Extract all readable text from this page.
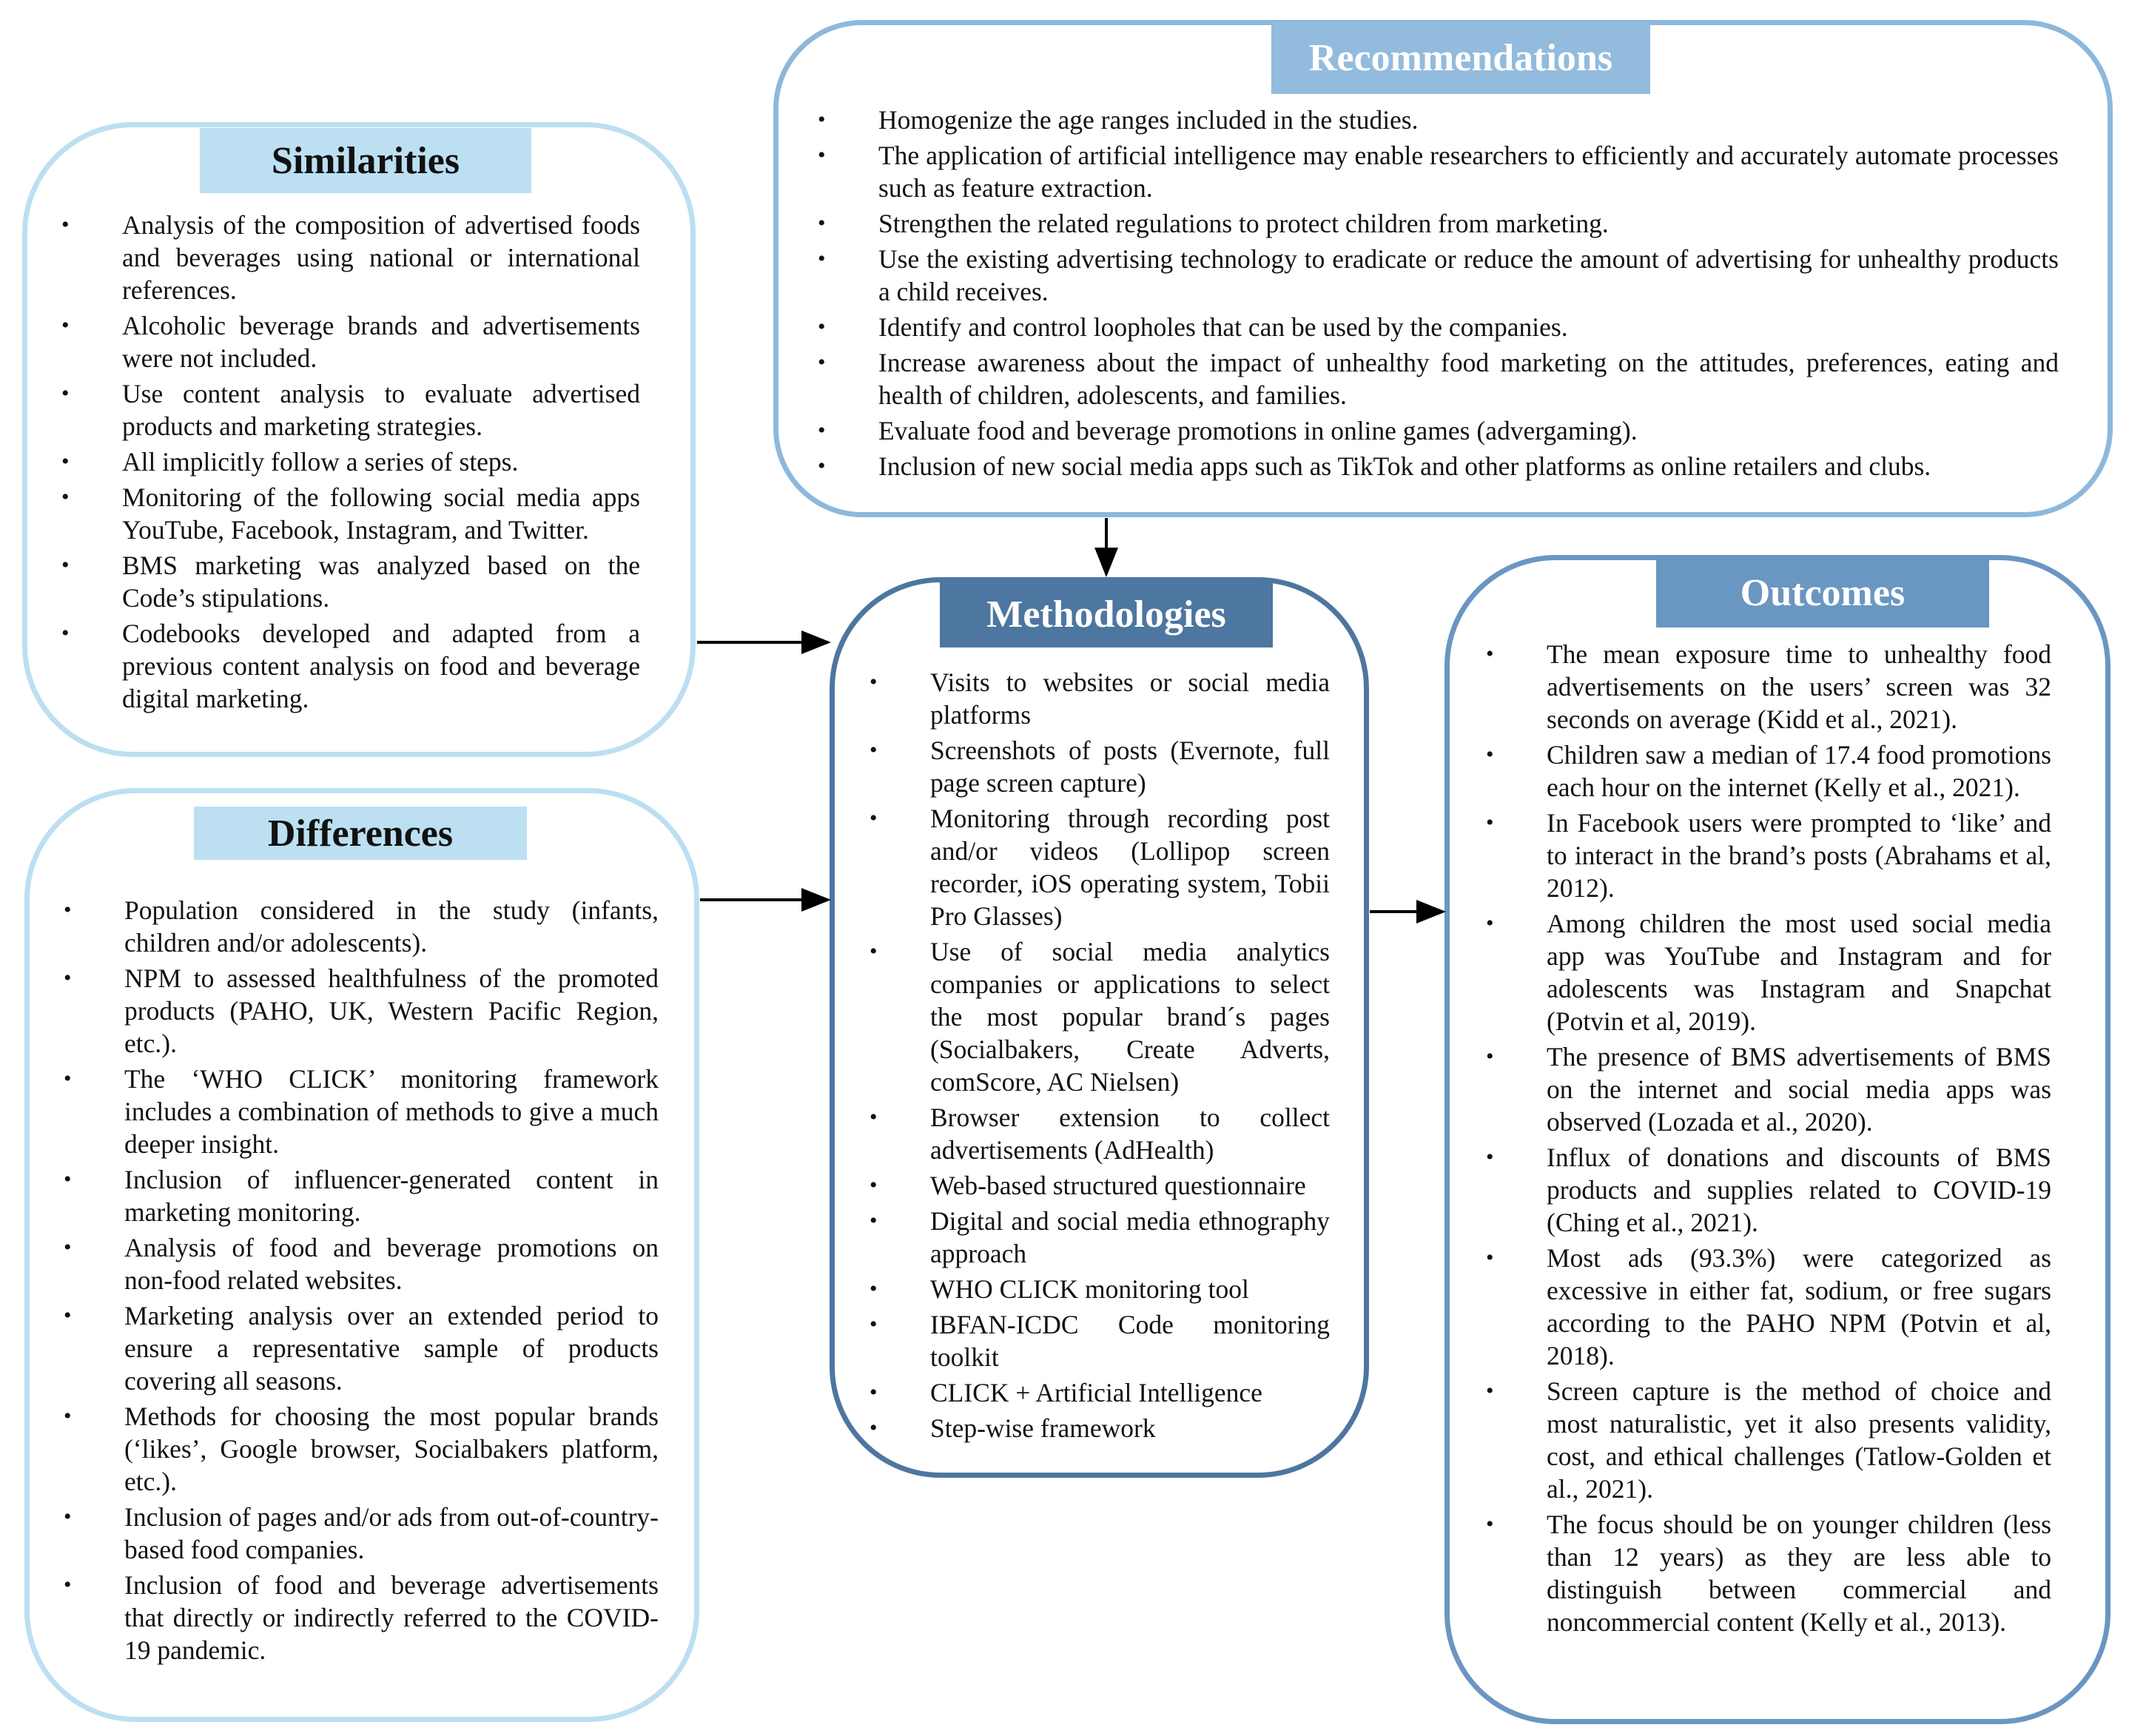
Similarities
• Analysis of the composition of advertised foods and beverages using national or international references.
• Alcoholic beverage brands and advertisements were not included.
• Use content analysis to evaluate advertised products and marketing strategies.
• All implicitly follow a series of steps.
• Monitoring of the following social media apps YouTube, Facebook, Instagram, and Twitter.
• BMS marketing was analyzed based on the Code’s stipulations.
• Codebooks developed and adapted from a previous content analysis on food and beverage digital marketing.
Differences
• Population considered in the study (infants, children and/or adolescents).
• NPM to assessed healthfulness of the promoted products (PAHO, UK, Western Pacific Region, etc.).
• The ‘WHO CLICK’ monitoring framework includes a combination of methods to give a much deeper insight.
• Inclusion of influencer-generated content in marketing monitoring.
• Analysis of food and beverage promotions on non-food related websites.
• Marketing analysis over an extended period to ensure a representative sample of products covering all seasons.
• Methods for choosing the most popular brands (‘likes’, Google browser, Socialbakers platform, etc.).
• Inclusion of pages and/or ads from out-of-country-based food companies.
• Inclusion of food and beverage advertisements that directly or indirectly referred to the COVID-19 pandemic.
Recommendations
• Homogenize the age ranges included in the studies.
• The application of artificial intelligence may enable researchers to efficiently and accurately automate processes such as feature extraction.
• Strengthen the related regulations to protect children from marketing.
• Use the existing advertising technology to eradicate or reduce the amount of advertising for unhealthy products a child receives.
• Identify and control loopholes that can be used by the companies.
• Increase awareness about the impact of unhealthy food marketing on the attitudes, preferences, eating and health of children, adolescents, and families.
• Evaluate food and beverage promotions in online games (advergaming).
• Inclusion of new social media apps such as TikTok and other platforms as online retailers and clubs.
Methodologies
• Visits to websites or social media platforms
• Screenshots of posts (Evernote, full page screen capture)
• Monitoring through recording post and/or videos (Lollipop screen recorder, iOS operating system, Tobii Pro Glasses)
• Use of social media analytics companies or applications to select the most popular brand´s pages (Socialbakers, Create Adverts, comScore, AC Nielsen)
• Browser extension to collect advertisements (AdHealth)
• Web-based structured questionnaire
• Digital and social media ethnography approach
• WHO CLICK monitoring tool
• IBFAN-ICDC Code monitoring toolkit
• CLICK + Artificial Intelligence
• Step-wise framework
Outcomes
• The mean exposure time to unhealthy food advertisements on the users’ screen was 32 seconds on average (Kidd et al., 2021).
• Children saw a median of 17.4 food promotions each hour on the internet (Kelly et al., 2021).
• In Facebook users were prompted to ‘like’ and to interact in the brand’s posts (Abrahams et al, 2012).
• Among children the most used social media app was YouTube and Instagram and for adolescents was Instagram and Snapchat (Potvin et al, 2019).
• The presence of BMS advertisements of BMS on the internet and social media apps was observed (Lozada et al., 2020).
• Influx of donations and discounts of BMS products and supplies related to COVID-19 (Ching et al., 2021).
• Most ads (93.3%) were categorized as excessive in either fat, sodium, or free sugars according to the PAHO NPM (Potvin et al, 2018).
• Screen capture is the method of choice and most naturalistic, yet it also presents validity, cost, and ethical challenges (Tatlow-Golden et al., 2021).
• The focus should be on younger children (less than 12 years) as they are less able to distinguish between commercial and noncommercial content (Kelly et al., 2013).
